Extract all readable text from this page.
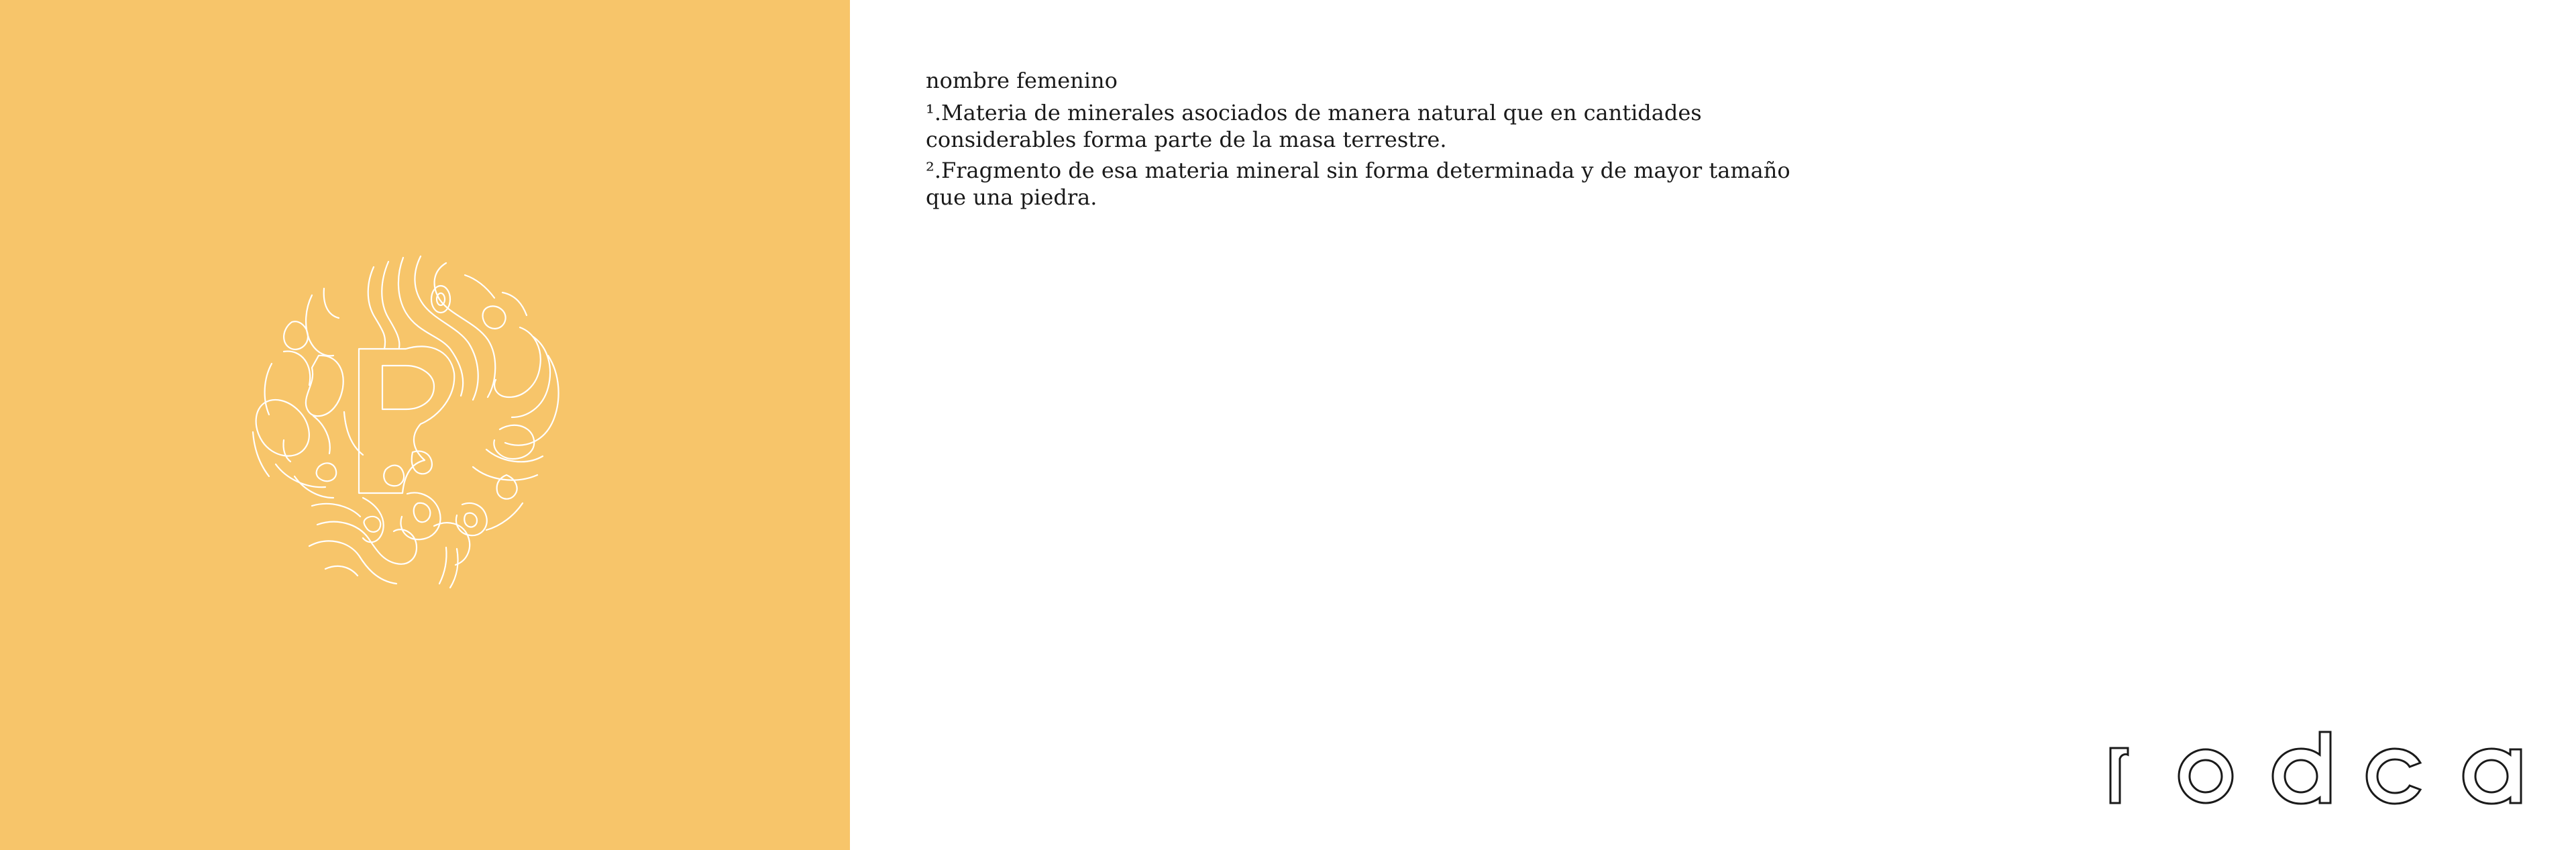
nombre femenino

¹.Materia de minerales asociados de manera natural que en cantidades considerables forma parte de la masa terrestre.

².Fragmento de esa materia mineral sin forma determinada y de mayor tamaño que una piedra.
